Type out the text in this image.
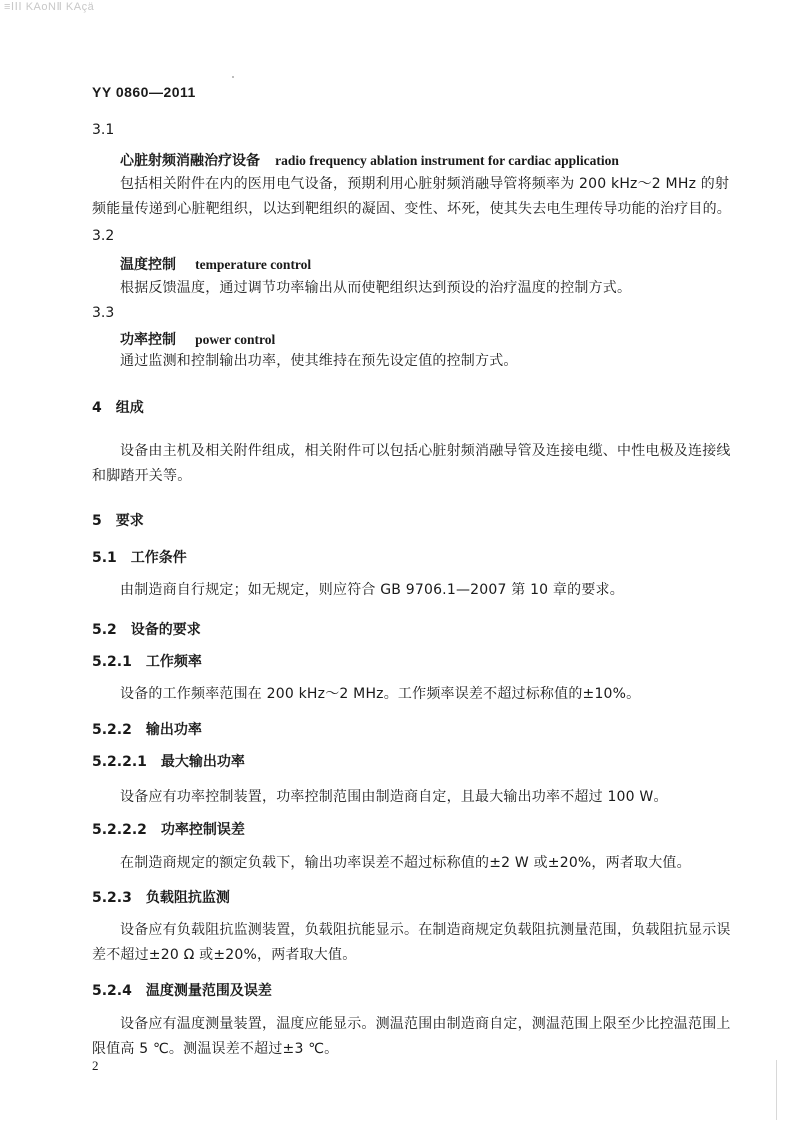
≡ⅠⅠⅠ KAoNⅡ KAçä
YY 0860—2011
3.1
心脏射频消融治疗设备 radio frequency ablation instrument for cardiac application
包括相关附件在内的医用电气设备，预期利用心脏射频消融导管将频率为 200 kHz～2 MHz 的射频能量传递到心脏靶组织，以达到靶组织的凝固、变性、坏死，使其失去电生理传导功能的治疗目的。
3.2
温度控制 temperature control
根据反馈温度，通过调节功率输出从而使靶组织达到预设的治疗温度的控制方式。
3.3
功率控制 power control
通过监测和控制输出功率，使其维持在预先设定值的控制方式。
4　组成
设备由主机及相关附件组成，相关附件可以包括心脏射频消融导管及连接电缆、中性电极及连接线和脚踏开关等。
5　要求
5.1　工作条件
由制造商自行规定；如无规定，则应符合 GB 9706.1—2007 第 10 章的要求。
5.2　设备的要求
5.2.1　工作频率
设备的工作频率范围在 200 kHz～2 MHz。工作频率误差不超过标称值的±10%。
5.2.2　输出功率
5.2.2.1　最大输出功率
设备应有功率控制装置，功率控制范围由制造商自定，且最大输出功率不超过 100 W。
5.2.2.2　功率控制误差
在制造商规定的额定负载下，输出功率误差不超过标称值的±2 W 或±20%，两者取大值。
5.2.3　负载阻抗监测
设备应有负载阻抗监测装置，负载阻抗能显示。在制造商规定负载阻抗测量范围，负载阻抗显示误差不超过±20 Ω 或±20%，两者取大值。
5.2.4　温度测量范围及误差
设备应有温度测量装置，温度应能显示。测温范围由制造商自定，测温范围上限至少比控温范围上限值高 5 ℃。测温误差不超过±3 ℃。
2
